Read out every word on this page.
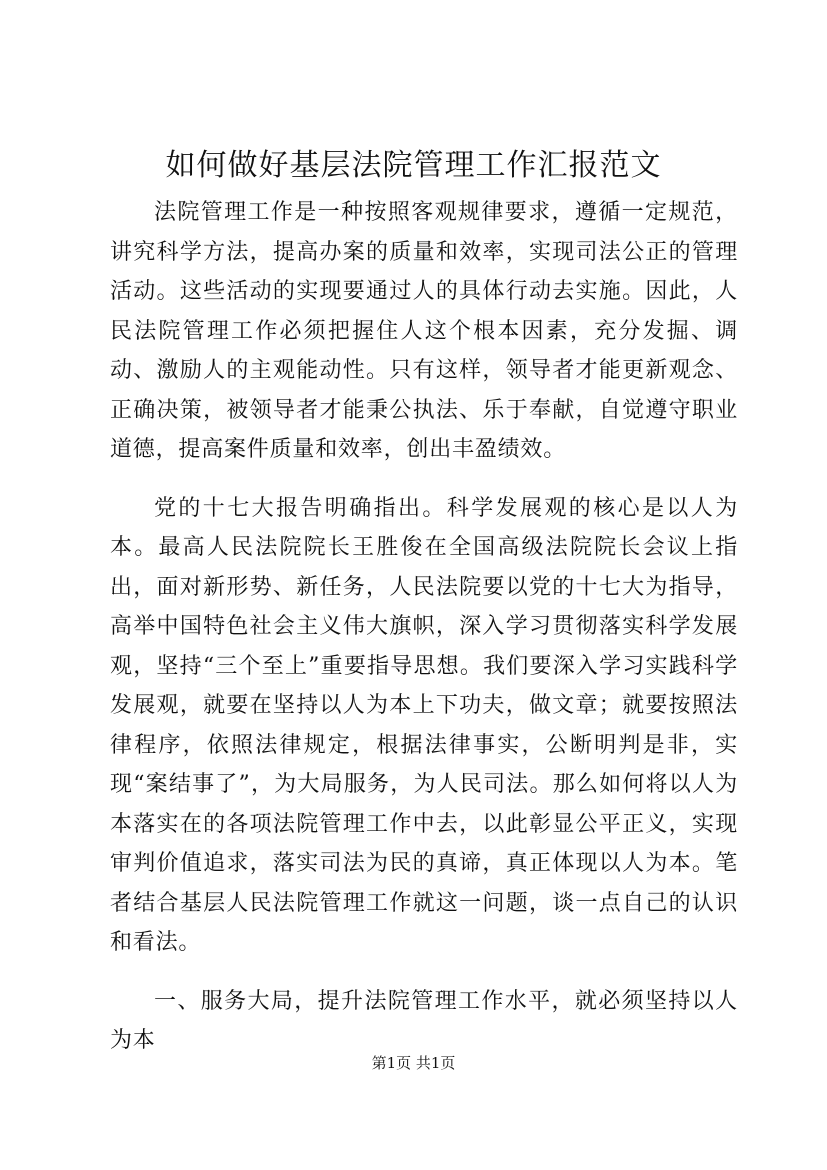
如何做好基层法院管理工作汇报范文

法院管理工作是一种按照客观规律要求，遵循一定规范，讲究科学方法，提高办案的质量和效率，实现司法公正的管理活动。这些活动的实现要通过人的具体行动去实施。因此，人民法院管理工作必须把握住人这个根本因素，充分发掘、调动、激励人的主观能动性。只有这样，领导者才能更新观念、正确决策，被领导者才能秉公执法、乐于奉献，自觉遵守职业道德，提高案件质量和效率，创出丰盈绩效。

党的十七大报告明确指出。科学发展观的核心是以人为本。最高人民法院院长王胜俊在全国高级法院院长会议上指出，面对新形势、新任务，人民法院要以党的十七大为指导，高举中国特色社会主义伟大旗帜，深入学习贯彻落实科学发展观，坚持“三个至上”重要指导思想。我们要深入学习实践科学发展观，就要在坚持以人为本上下功夫，做文章；就要按照法律程序，依照法律规定，根据法律事实，公断明判是非，实现“案结事了”，为大局服务，为人民司法。那么如何将以人为本落实在的各项法院管理工作中去，以此彰显公平正义，实现审判价值追求，落实司法为民的真谛，真正体现以人为本。笔者结合基层人民法院管理工作就这一问题，谈一点自己的认识和看法。

一、服务大局，提升法院管理工作水平，就必须坚持以人为本

第1页 共1页
